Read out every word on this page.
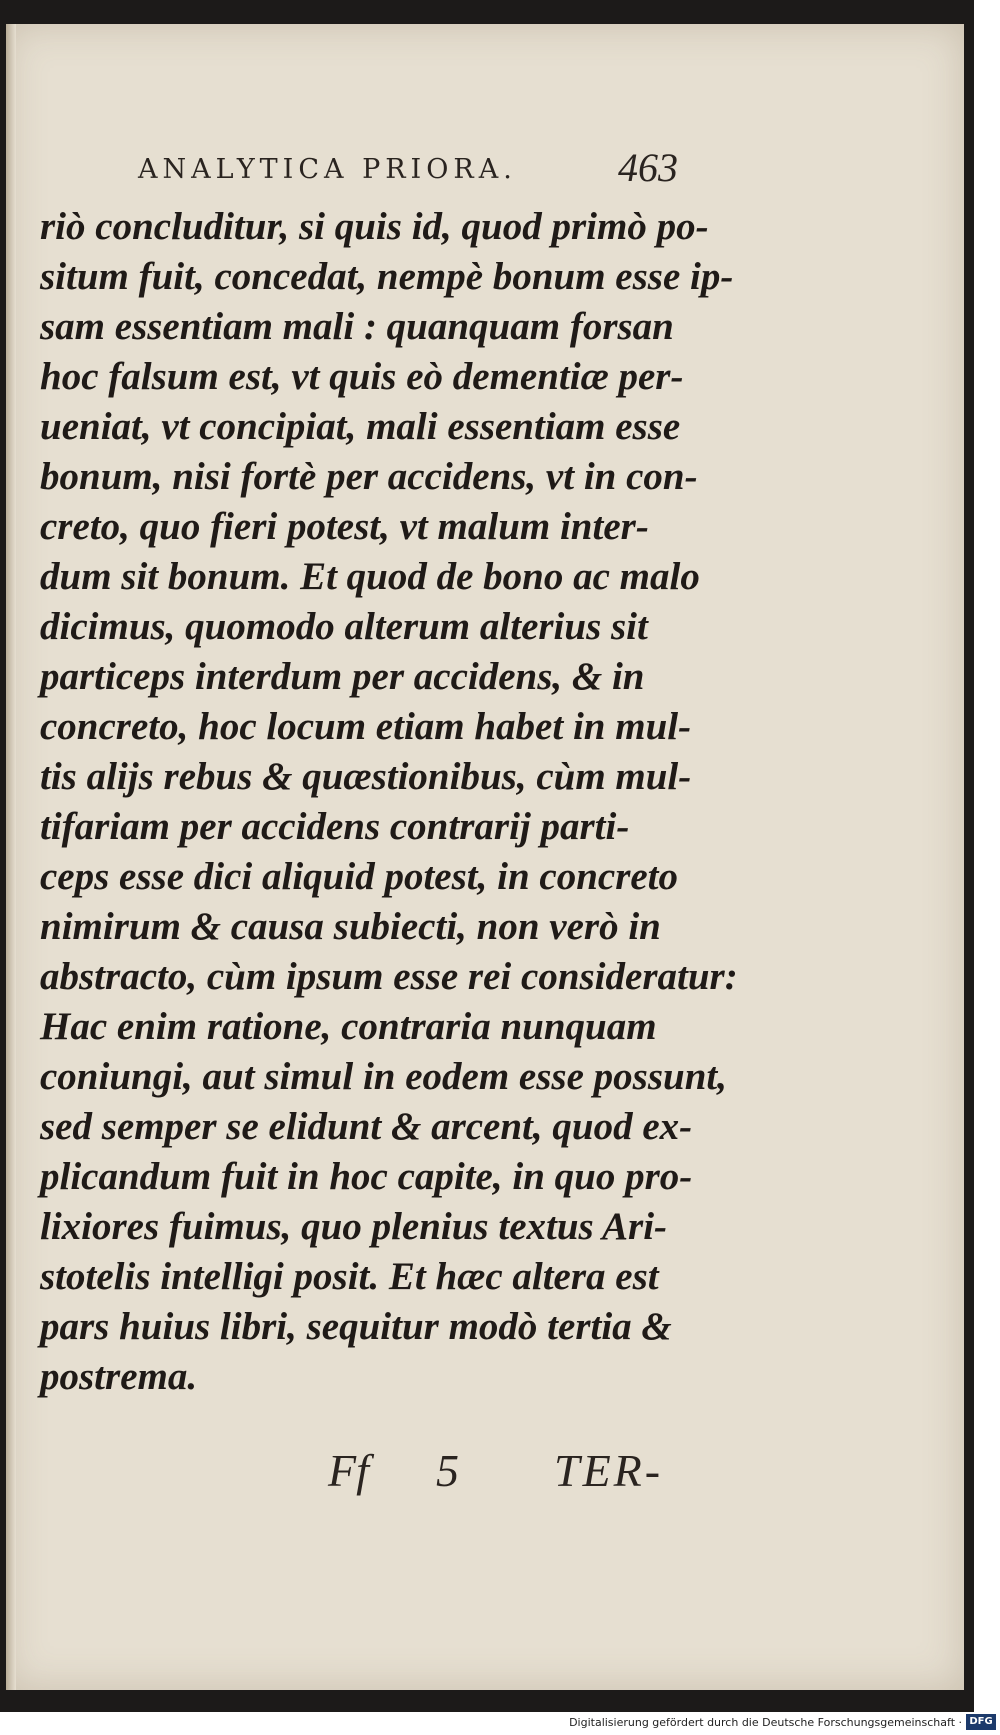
ANALYTICA PRIORA.	463
riò concluditur, si quis id, quod primò po-
situm fuit, concedat, nempè bonum esse ip-
sam essentiam mali : quanquam forsan
hoc falsum est, vt quis eò dementiæ per-
ueniat, vt concipiat, mali essentiam esse
bonum, nisi fortè per accidens, vt in con-
creto, quo fieri potest, vt malum inter-
dum sit bonum. Et quod de bono ac malo
dicimus, quomodo alterum alterius sit
particeps interdum per accidens, & in
concreto, hoc locum etiam habet in mul-
tis alijs rebus & quæstionibus, cùm mul-
tifariam per accidens contrarij parti-
ceps esse dici aliquid potest, in concreto
nimirum & causa subiecti, non verò in
abstracto, cùm ipsum esse rei consideratur:
Hac enim ratione, contraria nunquam
coniungi, aut simul in eodem esse possunt,
sed semper se elidunt & arcent, quod ex-
plicandum fuit in hoc capite, in quo pro-
lixiores fuimus, quo plenius textus Ari-
stotelis intelligi posit. Et hæc altera est
pars huius libri, sequitur modò tertia &
postrema.
Ff 5 TER-
Digitalisierung gefördert durch die Deutsche Forschungsgemeinschaft · DFG
